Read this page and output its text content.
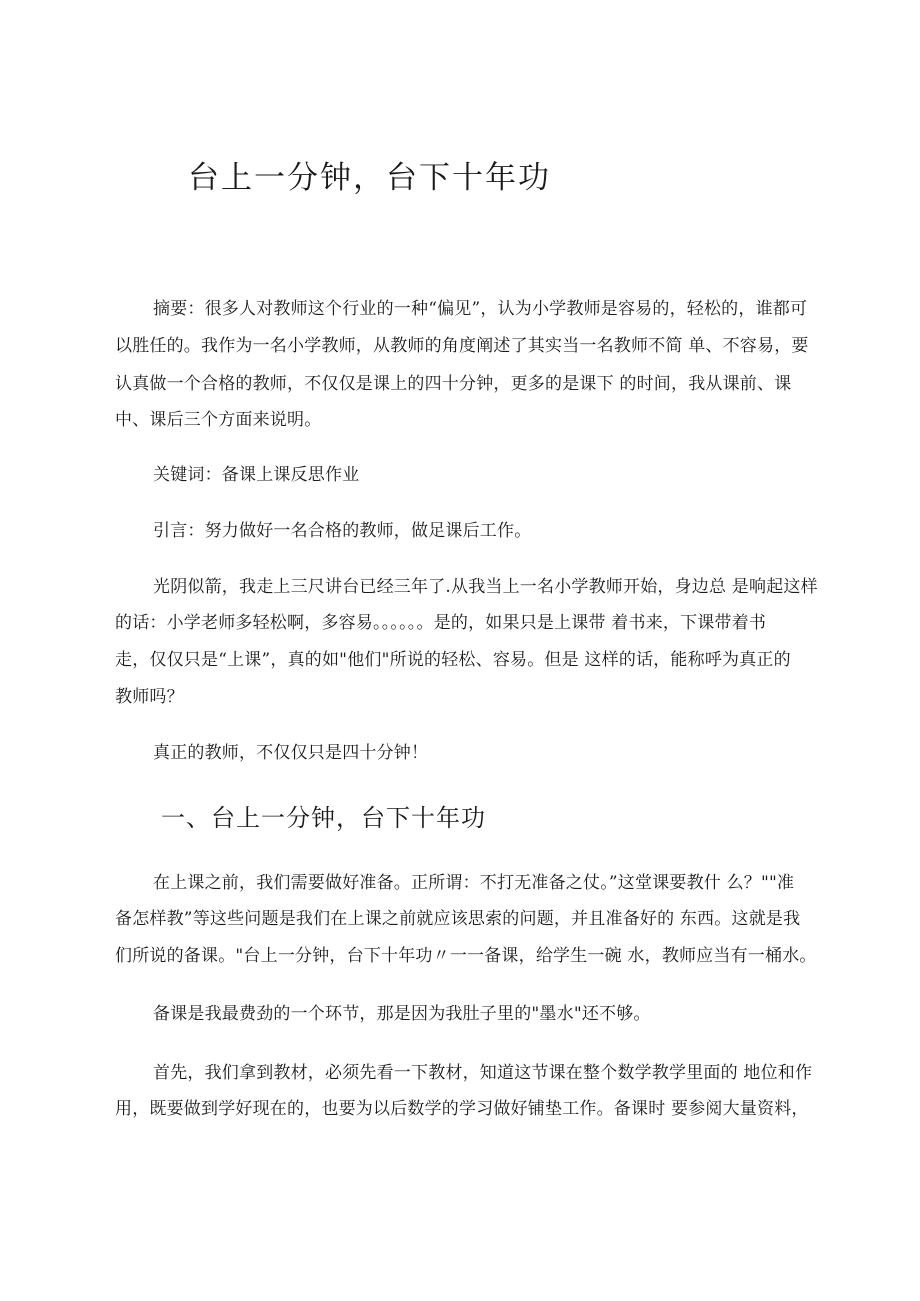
台上一分钟，台下十年功
摘要：很多人对教师这个行业的一种“偏见”，认为小学教师是容易的，轻松的，谁都可
以胜任的。我作为一名小学教师，从教师的角度阐述了其实当一名教师不简 单、不容易，要
认真做一个合格的教师，不仅仅是课上的四十分钟，更多的是课下 的时间，我从课前、课
中、课后三个方面来说明。
关键词：备课上课反思作业
引言：努力做好一名合格的教师，做足课后工作。
光阴似箭，我走上三尺讲台已经三年了.从我当上一名小学教师开始，身边总 是响起这样
的话：小学老师多轻松啊，多容易。。。。。。是的，如果只是上课带 着书来，下课带着书
走，仅仅只是“上课”，真的如"他们"所说的轻松、容易。但是 这样的话，能称呼为真正的
教师吗？
真正的教师，不仅仅只是四十分钟！
一、台上一分钟，台下十年功
在上课之前，我们需要做好准备。正所谓：不打无准备之仗。”这堂课要教什 么？""准
备怎样教”等这些问题是我们在上课之前就应该思索的问题，并且准备好的 东西。这就是我
们所说的备课。"台上一分钟，台下十年功〃一一备课，给学生一碗 水，教师应当有一桶水。
备课是我最费劲的一个环节，那是因为我肚子里的"墨水"还不够。
首先，我们拿到教材，必须先看一下教材，知道这节课在整个数学教学里面的 地位和作
用，既要做到学好现在的，也要为以后数学的学习做好铺垫工作。备课时 要参阅大量资料，
